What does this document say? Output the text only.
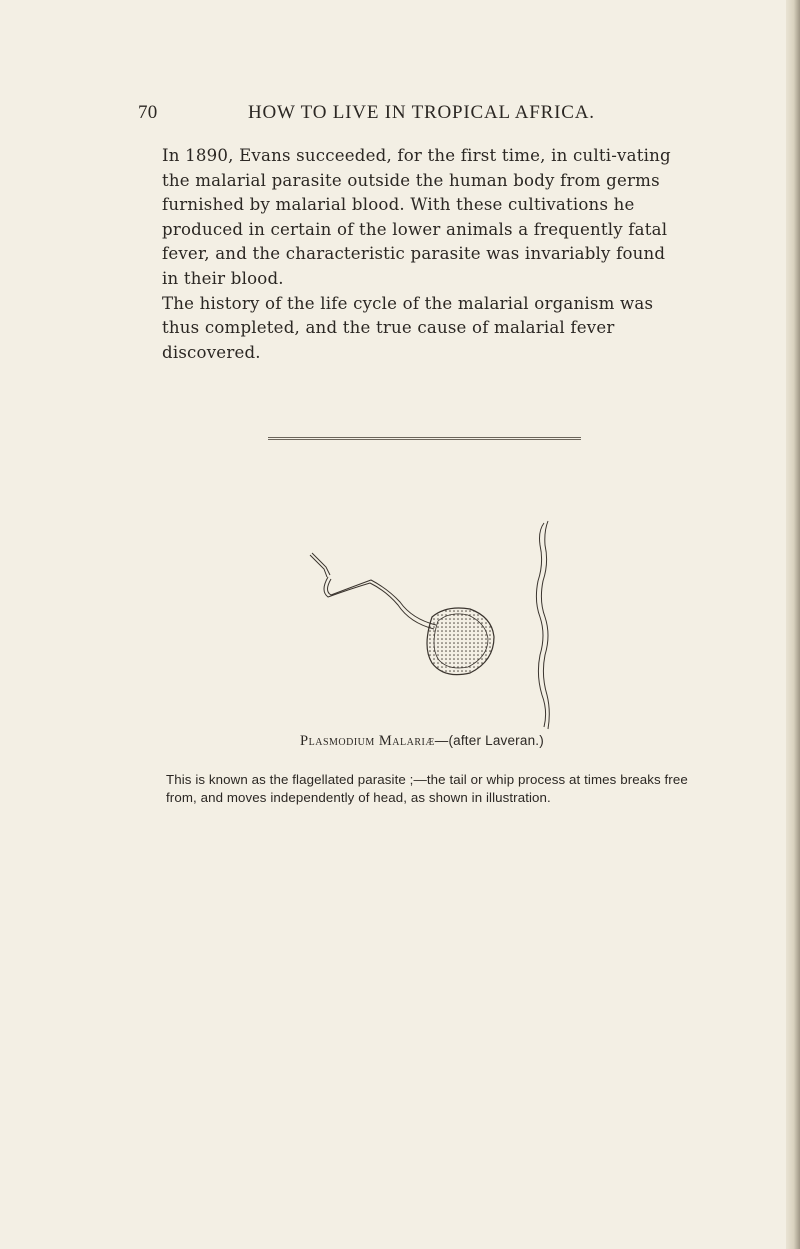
70	HOW TO LIVE IN TROPICAL AFRICA.

In 1890, Evans succeeded, for the first time, in culti-vating the malarial parasite outside the human body from germs furnished by malarial blood. With these cultivations he produced in certain of the lower animals a frequently fatal fever, and the characteristic parasite was invariably found in their blood.

The history of the life cycle of the malarial organism was thus completed, and the true cause of malarial fever discovered.

Plasmodium Malariæ—(after Laveran.)

This is known as the flagellated parasite ;—the tail or whip process at times breaks free from, and moves independently of head, as shown in illustration.
